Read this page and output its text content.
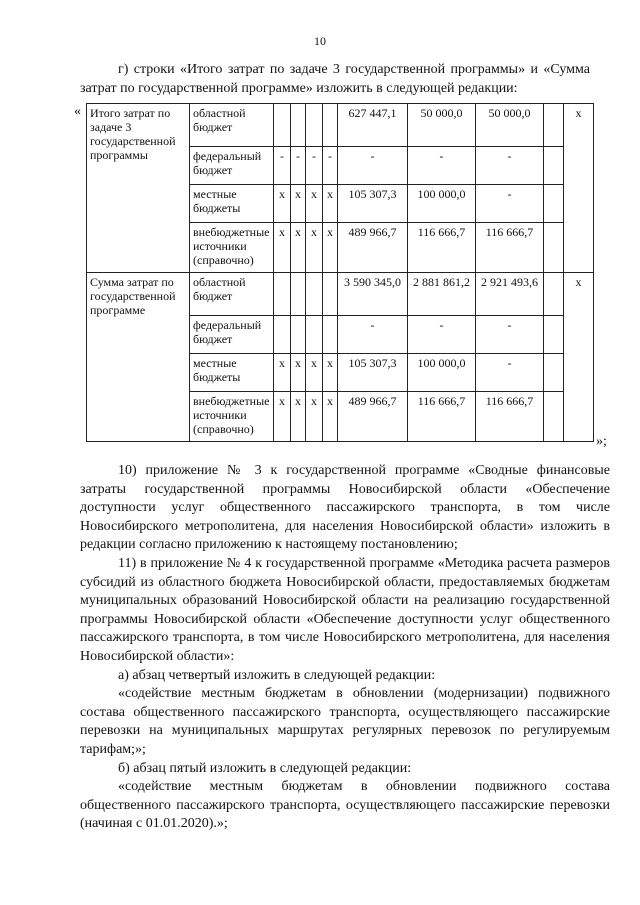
10

г) строки «Итого затрат по задаче 3 государственной программы» и «Сумма затрат по государственной программе» изложить в следующей редакции:

« Итого затрат по задаче 3 государственной программы	областной бюджет					627 447,1	50 000,0	50 000,0		х
	федеральный бюджет	-	-	-	-	-	-	-		
	местные бюджеты	х	х	х	х	105 307,3	100 000,0	-		
	внебюджетные источники (справочно)	х	х	х	х	489 966,7	116 666,7	116 666,7		
Сумма затрат по государственной программе	областной бюджет					3 590 345,0	2 881 861,2	2 921 493,6		х
	федеральный бюджет					-	-	-		
	местные бюджеты	х	х	х	х	105 307,3	100 000,0	-		
	внебюджетные источники (справочно)	х	х	х	х	489 966,7	116 666,7	116 666,7		
»;

10) приложение № 3 к государственной программе «Сводные финансовые затраты государственной программы Новосибирской области «Обеспечение доступности услуг общественного пассажирского транспорта, в том числе Новосибирского метрополитена, для населения Новосибирской области» изложить в редакции согласно приложению к настоящему постановлению;

11) в приложение № 4 к государственной программе «Методика расчета размеров субсидий из областного бюджета Новосибирской области, предоставляемых бюджетам муниципальных образований Новосибирской области на реализацию государственной программы Новосибирской области «Обеспечение доступности услуг общественного пассажирского транспорта, в том числе Новосибирского метрополитена, для населения Новосибирской области»:

а) абзац четвертый изложить в следующей редакции:

«содействие местным бюджетам в обновлении (модернизации) подвижного состава общественного пассажирского транспорта, осуществляющего пассажирские перевозки на муниципальных маршрутах регулярных перевозок по регулируемым тарифам;»;

б) абзац пятый изложить в следующей редакции:

«содействие местным бюджетам в обновлении подвижного состава общественного пассажирского транспорта, осуществляющего пассажирские перевозки (начиная с 01.01.2020).»;
